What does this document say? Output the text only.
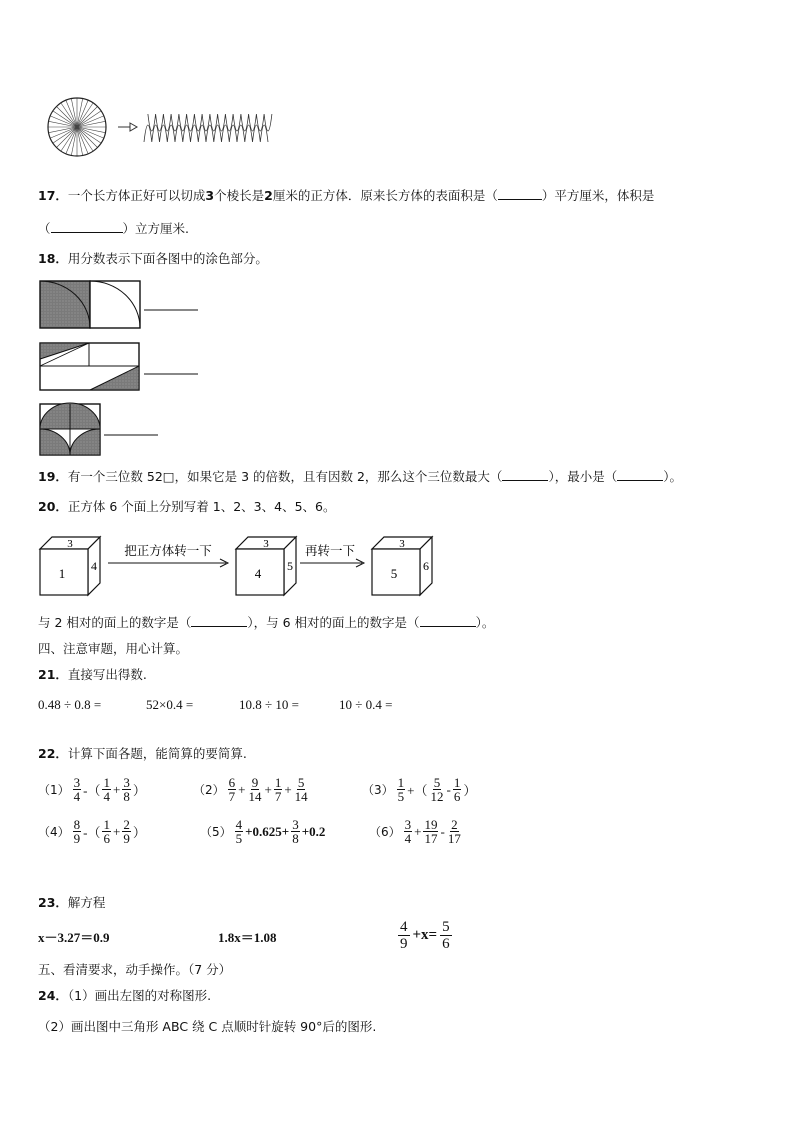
17．一个长方体正好可以切成3个棱长是2厘米的正方体．原来长方体的表面积是（	）平方厘米，体积是
（	）立方厘米.
18．用分数表示下面各图中的涂色部分。
19．有一个三位数 52□，如果它是 3 的倍数，且有因数 2，那么这个三位数最大（	），最小是（	）。
20．正方体 6 个面上分别写着 1、2、3、4、5、6。
3
1 4
把正方体转一下	3
4 5
再转一下	3
5 6
与 2 相对的面上的数字是（	），与 6 相对的面上的数字是（	）。
四、注意审题，用心计算。
21．直接写出得数.
0.48 ÷ 0.8 =	52×0.4 =	10.8 ÷ 10 =	10 ÷ 0.4 =
22．计算下面各题，能简算的要简算.
$(1) \frac{3}{4}$ -（ $\frac{1}{4} + \frac{3}{8}$ ）	$(2) \frac{6}{7} + \frac{9}{14} + \frac{1}{7} + \frac{5}{14}$	$(3) \frac{1}{5}$ +（ $\frac{5}{12} - \frac{1}{6}$ ）
$(4) \frac{8}{9}$ -（ $\frac{1}{6} + \frac{2}{9}$ ）	$(5) \frac{4}{5} +0.625+ \frac{3}{8} +0.2$	$(6) \frac{3}{4} + \frac{19}{17} - \frac{2}{17}$
23．解方程
x－3.27＝0.9	1.8x＝1.08	$\frac{4}{9} +x= \frac{5}{6}$
五、看清要求，动手操作。（7 分）
24．（1）画出左图的对称图形.
（2）画出图中三角形 ABC 绕 C 点顺时针旋转 90°后的图形.
